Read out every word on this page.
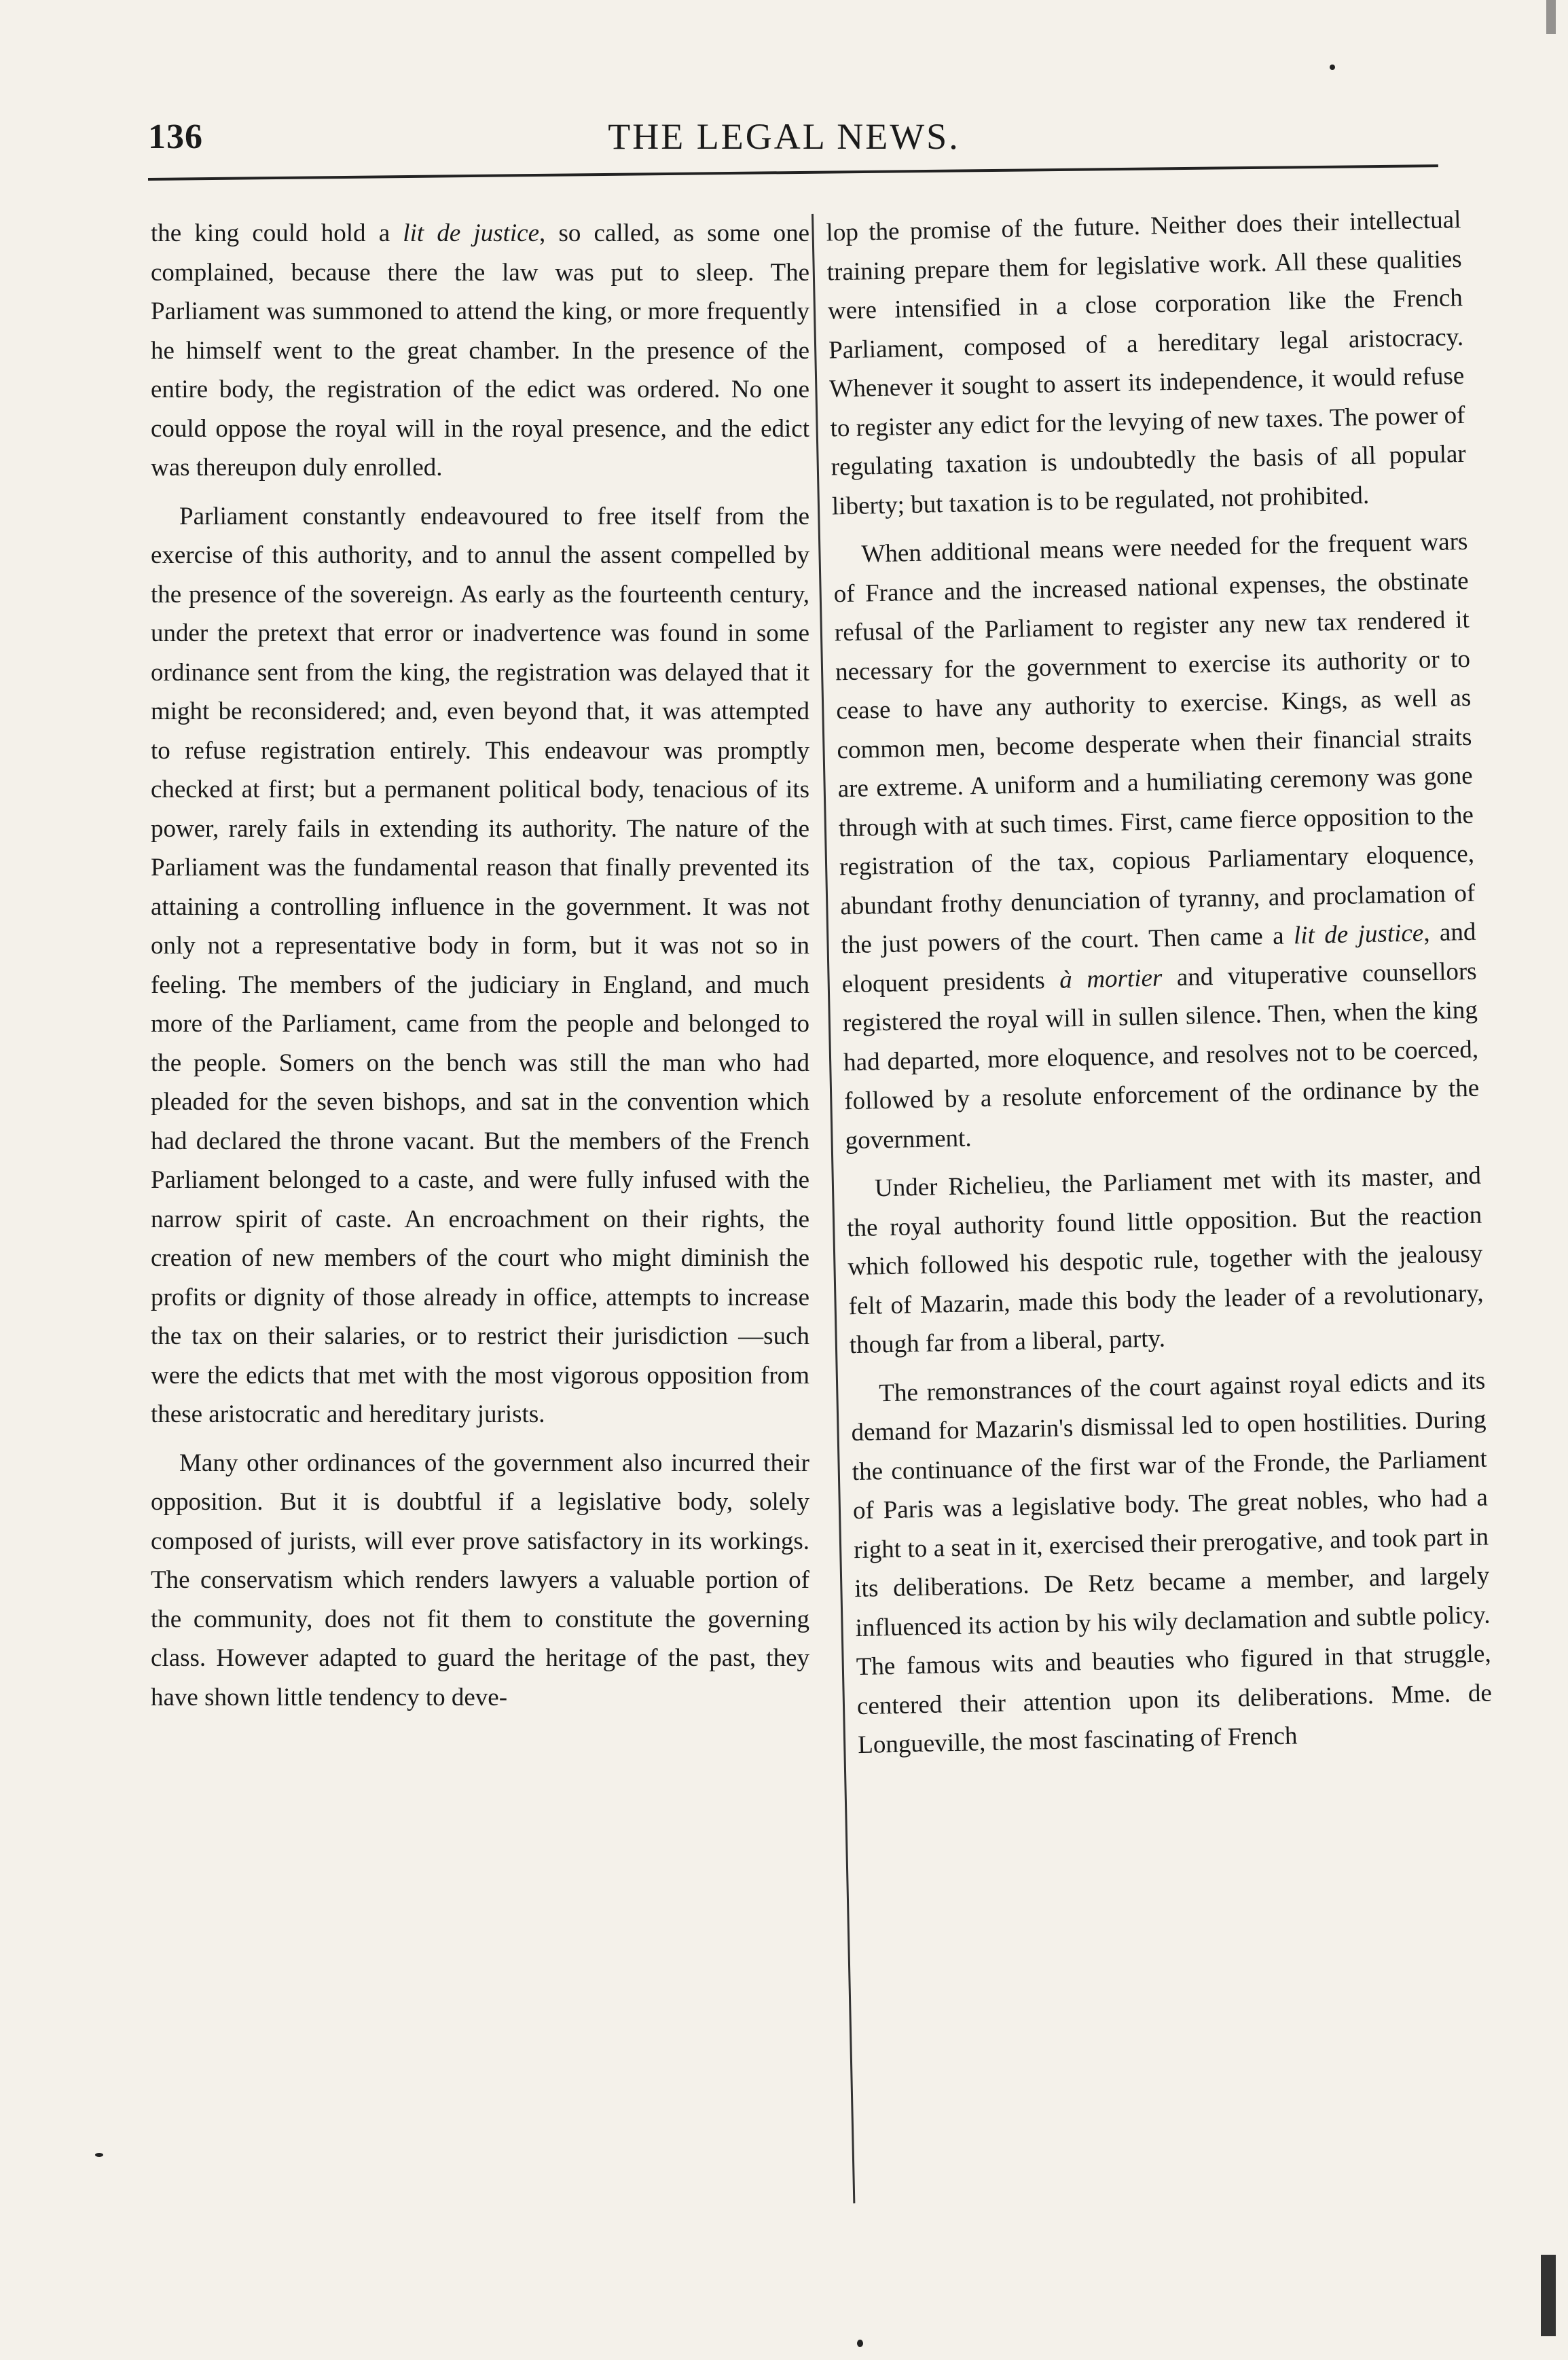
136	THE LEGAL NEWS.

the king could hold a lit de justice, so called, as some one complained, because there the law was put to sleep. The Parliament was summoned to attend the king, or more frequently he himself went to the great chamber. In the presence of the entire body, the registration of the edict was ordered. No one could oppose the royal will in the royal presence, and the edict was thereupon duly enrolled.

Parliament constantly endeavoured to free itself from the exercise of this authority, and to annul the assent compelled by the presence of the sovereign. As early as the fourteenth century, under the pretext that error or inadvertence was found in some ordinance sent from the king, the registration was delayed that it might be reconsidered; and, even beyond that, it was attempted to refuse registration entirely. This endeavour was promptly checked at first; but a permanent political body, tenacious of its power, rarely fails in extending its authority. The nature of the Parliament was the fundamental reason that finally prevented its attaining a controlling influence in the government. It was not only not a representative body in form, but it was not so in feeling. The members of the judiciary in England, and much more of the Parliament, came from the people and belonged to the people. Somers on the bench was still the man who had pleaded for the seven bishops, and sat in the convention which had declared the throne vacant. But the members of the French Parliament belonged to a caste, and were fully infused with the narrow spirit of caste. An encroachment on their rights, the creation of new members of the court who might diminish the profits or dignity of those already in office, attempts to increase the tax on their salaries, or to restrict their jurisdiction —such were the edicts that met with the most vigorous opposition from these aristocratic and hereditary jurists.

Many other ordinances of the government also incurred their opposition. But it is doubtful if a legislative body, solely composed of jurists, will ever prove satisfactory in its workings. The conservatism which renders lawyers a valuable portion of the community, does not fit them to constitute the governing class. However adapted to guard the heritage of the past, they have shown little tendency to deve-

lop the promise of the future. Neither does their intellectual training prepare them for legislative work. All these qualities were intensified in a close corporation like the French Parliament, composed of a hereditary legal aristocracy. Whenever it sought to assert its independence, it would refuse to register any edict for the levying of new taxes. The power of regulating taxation is undoubtedly the basis of all popular liberty; but taxation is to be regulated, not prohibited.

When additional means were needed for the frequent wars of France and the increased national expenses, the obstinate refusal of the Parliament to register any new tax rendered it necessary for the government to exercise its authority or to cease to have any authority to exercise. Kings, as well as common men, become desperate when their financial straits are extreme. A uniform and a humiliating ceremony was gone through with at such times. First, came fierce opposition to the registration of the tax, copious Parliamentary eloquence, abundant frothy denunciation of tyranny, and proclamation of the just powers of the court. Then came a lit de justice, and eloquent presidents à mortier and vituperative counsellors registered the royal will in sullen silence. Then, when the king had departed, more eloquence, and resolves not to be coerced, followed by a resolute enforcement of the ordinance by the government.

Under Richelieu, the Parliament met with its master, and the royal authority found little opposition. But the reaction which followed his despotic rule, together with the jealousy felt of Mazarin, made this body the leader of a revolutionary, though far from a liberal, party.

The remonstrances of the court against royal edicts and its demand for Mazarin's dismissal led to open hostilities. During the continuance of the first war of the Fronde, the Parliament of Paris was a legislative body. The great nobles, who had a right to a seat in it, exercised their prerogative, and took part in its deliberations. De Retz became a member, and largely influenced its action by his wily declamation and subtle policy. The famous wits and beauties who figured in that struggle, centered their attention upon its deliberations. Mme. de Longueville, the most fascinating of French
